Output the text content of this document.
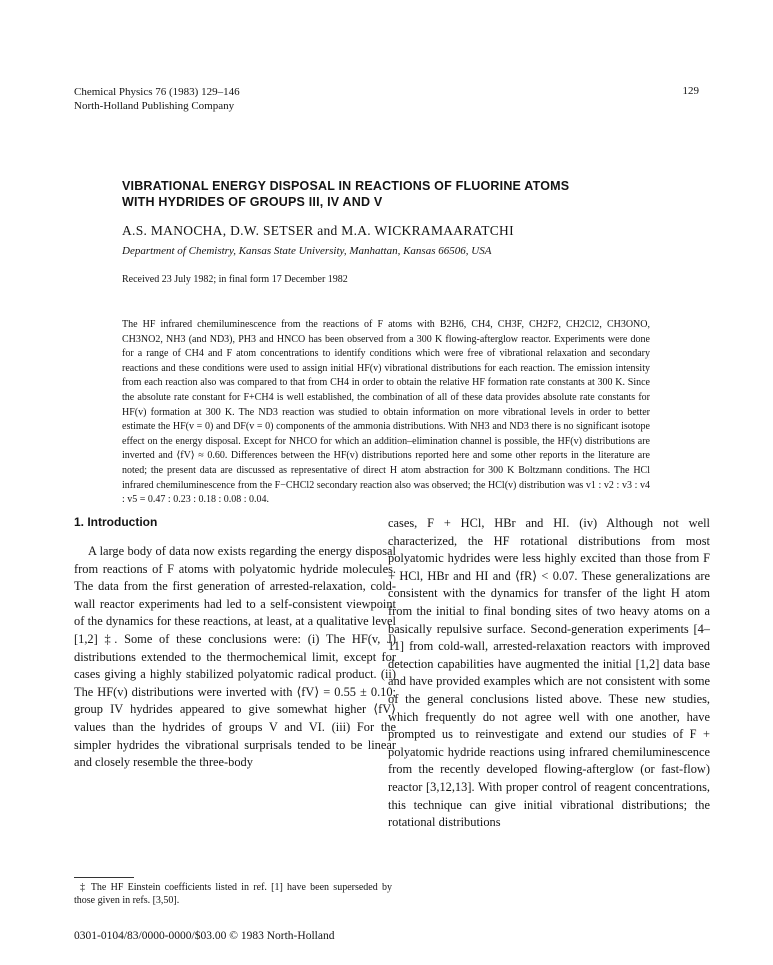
Chemical Physics 76 (1983) 129–146
North-Holland Publishing Company
129
VIBRATIONAL ENERGY DISPOSAL IN REACTIONS OF FLUORINE ATOMS
WITH HYDRIDES OF GROUPS III, IV AND V
A.S. MANOCHA, D.W. SETSER and M.A. WICKRAMAARATCHI
Department of Chemistry, Kansas State University, Manhattan, Kansas 66506, USA
Received 23 July 1982; in final form 17 December 1982

The HF infrared chemiluminescence from the reactions of F atoms with B2H6, CH4, CH3F, CH2F2, CH2Cl2, CH3ONO, CH3NO2, NH3 (and ND3), PH3 and HNCO has been observed from a 300 K flowing-afterglow reactor. Experiments were done for a range of CH4 and F atom concentrations to identify conditions which were free of vibrational relaxation and secondary reactions and these conditions were used to assign initial HF(v) vibrational distributions for each reaction. The emission intensity from each reaction also was compared to that from CH4 in order to obtain the relative HF formation rate constants at 300 K. Since the absolute rate constant for F+CH4 is well established, the combination of all of these data provides absolute rate constants for HF(v) formation at 300 K. The ND3 reaction was studied to obtain information on more vibrational levels in order to better estimate the HF(v = 0) and DF(v = 0) components of the ammonia distributions. With NH3 and ND3 there is no significant isotope effect on the energy disposal. Except for NHCO for which an addition–elimination channel is possible, the HF(v) distributions are inverted and ⟨fV⟩ ≈ 0.60. Differences between the HF(v) distributions reported here and some other reports in the literature are noted; the present data are discussed as representative of direct H atom abstraction for 300 K Boltzmann conditions. The HCl infrared chemiluminescence from the F−CHCl2 secondary reaction also was observed; the HCl(v) distribution was v1 : v2 : v3 : v4 : v5 = 0.47 : 0.23 : 0.18 : 0.08 : 0.04.

1. Introduction

A large body of data now exists regarding the energy disposal from reactions of F atoms with polyatomic hydride molecules. The data from the first generation of arrested-relaxation, cold-wall reactor experiments had led to a self-consistent viewpoint of the dynamics for these reactions, at least, at a qualitative level [1,2] ‡. Some of these conclusions were: (i) The HF(v, J) distributions extended to the thermochemical limit, except for cases giving a highly stabilized polyatomic radical product. (ii) The HF(v) distributions were inverted with ⟨fV⟩ = 0.55 ± 0.10; group IV hydrides appeared to give somewhat higher ⟨fV⟩ values than the hydrides of groups V and VI. (iii) For the simpler hydrides the vibrational surprisals tended to be linear and closely resemble the three-body

cases, F + HCl, HBr and HI. (iv) Although not well characterized, the HF rotational distributions from most polyatomic hydrides were less highly excited than those from F + HCl, HBr and HI and ⟨fR⟩ < 0.07. These generalizations are consistent with the dynamics for transfer of the light H atom from the initial to final bonding sites of two heavy atoms on a basically repulsive surface. Second-generation experiments [4–11] from cold-wall, arrested-relaxation reactors with improved detection capabilities have augmented the initial [1,2] data base and have provided examples which are not consistent with some of the general conclusions listed above. These new studies, which frequently do not agree well with one another, have prompted us to reinvestigate and extend our studies of F + polyatomic hydride reactions using infrared chemiluminescence from the recently developed flowing-afterglow (or fast-flow) reactor [3,12,13]. With proper control of reagent concentrations, this technique can give initial vibrational distributions; the rotational distributions

‡ The HF Einstein coefficients listed in ref. [1] have been superseded by those given in refs. [3,50].
0301-0104/83/0000-0000/$03.00 © 1983 North-Holland
